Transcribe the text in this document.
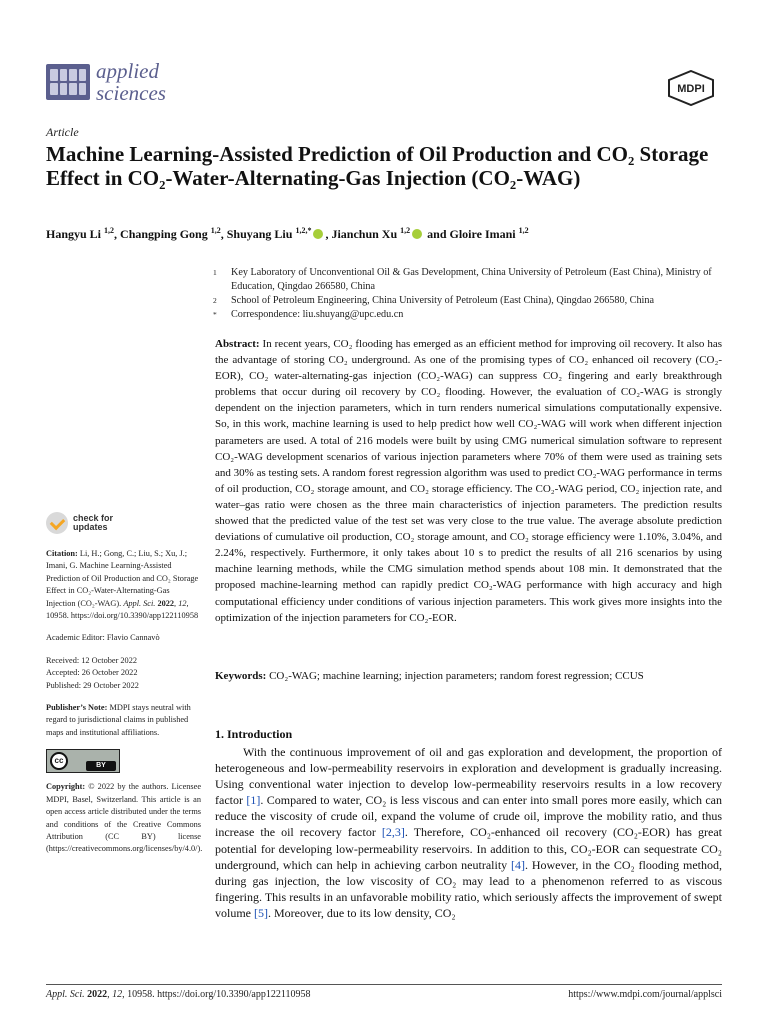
applied
sciences	MDPI
Article
Machine Learning-Assisted Prediction of Oil Production and CO₂ Storage Effect in CO₂-Water-Alternating-Gas Injection (CO₂-WAG)
Hangyu Li $^{1,2}$, Changping Gong $^{1,2}$, Shuyang Liu $^{1,2,*}$ , Jianchun Xu $^{1,2}$ and Gloire Imani $^{1,2}$
1	Key Laboratory of Unconventional Oil & Gas Development, China University of Petroleum (East China), Ministry of Education, Qingdao 266580, China
2	School of Petroleum Engineering, China University of Petroleum (East China), Qingdao 266580, China
*	Correspondence: liu.shuyang@upc.edu.cn
Abstract: In recent years, CO₂ flooding has emerged as an efficient method for improving oil recovery. It also has the advantage of storing CO₂ underground. As one of the promising types of CO₂ enhanced oil recovery (CO₂-EOR), CO₂ water-alternating-gas injection (CO₂-WAG) can suppress CO₂ fingering and early breakthrough problems that occur during oil recovery by CO₂ flooding. However, the evaluation of CO₂-WAG is strongly dependent on the injection parameters, which in turn renders numerical simulations computationally expensive. So, in this work, machine learning is used to help predict how well CO₂-WAG will work when different injection parameters are used. A total of 216 models were built by using CMG numerical simulation software to represent CO₂-WAG development scenarios of various injection parameters where 70% of them were used as training sets and 30% as testing sets. A random forest regression algorithm was used to predict CO₂-WAG performance in terms of oil production, CO₂ storage amount, and CO₂ storage efficiency. The CO₂-WAG period, CO₂ injection rate, and water–gas ratio were chosen as the three main characteristics of injection parameters. The prediction results showed that the predicted value of the test set was very close to the true value. The average absolute prediction deviations of cumulative oil production, CO₂ storage amount, and CO₂ storage efficiency were 1.10%, 3.04%, and 2.24%, respectively. Furthermore, it only takes about 10 s to predict the results of all 216 scenarios by using machine learning methods, while the CMG simulation method spends about 108 min. It demonstrated that the proposed machine-learning method can rapidly predict CO₂-WAG performance with high accuracy and high computational efficiency under conditions of various injection parameters. This work gives more insights into the optimization of the injection parameters for CO₂-EOR.
Keywords: CO₂-WAG; machine learning; injection parameters; random forest regression; CCUS
check for
updates
Citation: Li, H.; Gong, C.; Liu, S.; Xu, J.; Imani, G. Machine Learning-Assisted Prediction of Oil Production and CO₂ Storage Effect in CO₂-Water-Alternating-Gas Injection (CO₂-WAG). Appl. Sci. 2022, 12, 10958. https://doi.org/10.3390/app122110958
Academic Editor: Flavio Cannavò
Received: 12 October 2022
Accepted: 26 October 2022
Published: 29 October 2022
Publisher’s Note: MDPI stays neutral with regard to jurisdictional claims in published maps and institutional affiliations.
cc
BY
Copyright: © 2022 by the authors. Licensee MDPI, Basel, Switzerland. This article is an open access article distributed under the terms and conditions of the Creative Commons Attribution (CC BY) license (https://creativecommons.org/licenses/by/4.0/).
1. Introduction
With the continuous improvement of oil and gas exploration and development, the proportion of heterogeneous and low-permeability reservoirs in exploration and development is gradually increasing. Using conventional water injection to develop low-permeability reservoirs results in a low recovery factor [1]. Compared to water, CO₂ is less viscous and can enter into small pores more easily, which can reduce the viscosity of crude oil, expand the volume of crude oil, improve the mobility ratio, and thus increase the oil recovery factor [2,3]. Therefore, CO₂-enhanced oil recovery (CO₂-EOR) has great potential for developing low-permeability reservoirs. In addition to this, CO₂-EOR can sequestrate CO₂ underground, which can help in achieving carbon neutrality [4]. However, in the CO₂ flooding method, during gas injection, the low viscosity of CO₂ may lead to a phenomenon referred to as viscous fingering. This results in an unfavorable mobility ratio, which seriously affects the improvement of swept volume [5]. Moreover, due to its low density, CO₂
Appl. Sci. 2022, 12, 10958. https://doi.org/10.3390/app122110958	https://www.mdpi.com/journal/applsci
